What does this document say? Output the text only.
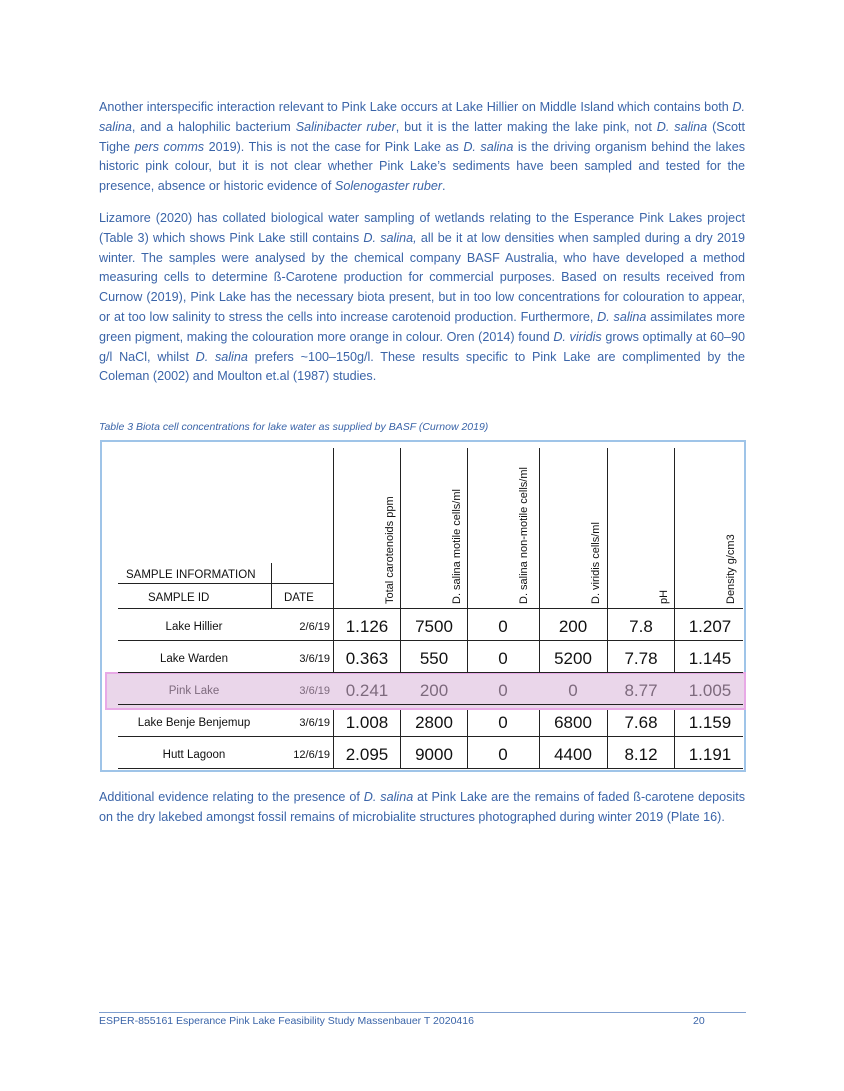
Another interspecific interaction relevant to Pink Lake occurs at Lake Hillier on Middle Island which contains both D. salina, and a halophilic bacterium Salinibacter ruber, but it is the latter making the lake pink, not D. salina (Scott Tighe pers comms 2019). This is not the case for Pink Lake as D. salina is the driving organism behind the lakes historic pink colour, but it is not clear whether Pink Lake’s sediments have been sampled and tested for the presence, absence or historic evidence of Solenogaster ruber.
Lizamore (2020) has collated biological water sampling of wetlands relating to the Esperance Pink Lakes project (Table 3) which shows Pink Lake still contains D. salina, all be it at low densities when sampled during a dry 2019 winter. The samples were analysed by the chemical company BASF Australia, who have developed a method measuring cells to determine ß-Carotene production for commercial purposes. Based on results received from Curnow (2019), Pink Lake has the necessary biota present, but in too low concentrations for colouration to appear, or at too low salinity to stress the cells into increase carotenoid production. Furthermore, D. salina assimilates more green pigment, making the colouration more orange in colour. Oren (2014) found D. viridis grows optimally at 60–90 g/l NaCl, whilst D. salina prefers ~100–150g/l. These results specific to Pink Lake are complimented by the Coleman (2002) and Moulton et.al (1987) studies.
Table 3 Biota cell concentrations for lake water as supplied by BASF (Curnow 2019)
SAMPLE INFORMATION
SAMPLE ID	DATE	Total carotenoids ppm	D. salina motile cells/ml	D. salina non-motile cells/ml	D. viridis cells/ml	pH	Density g/cm3
Lake Hillier	2/6/19 1.126	7500	0	200	7.8	1.207
Lake Warden	3/6/19 0.363	550	0	5200	7.78	1.145
Pink Lake	3/6/19 0.241	200	0	0	8.77	1.005
Lake Benje Benjemup	3/6/19 1.008	2800	0	6800	7.68	1.159
Hutt Lagoon	12/6/19 2.095	9000	0	4400	8.12	1.191
Additional evidence relating to the presence of D. salina at Pink Lake are the remains of faded ß-carotene deposits on the dry lakebed amongst fossil remains of microbialite structures photographed during winter 2019 (Plate 16).
ESPER-855161 Esperance Pink Lake Feasibility Study Massenbauer T 2020416	20
